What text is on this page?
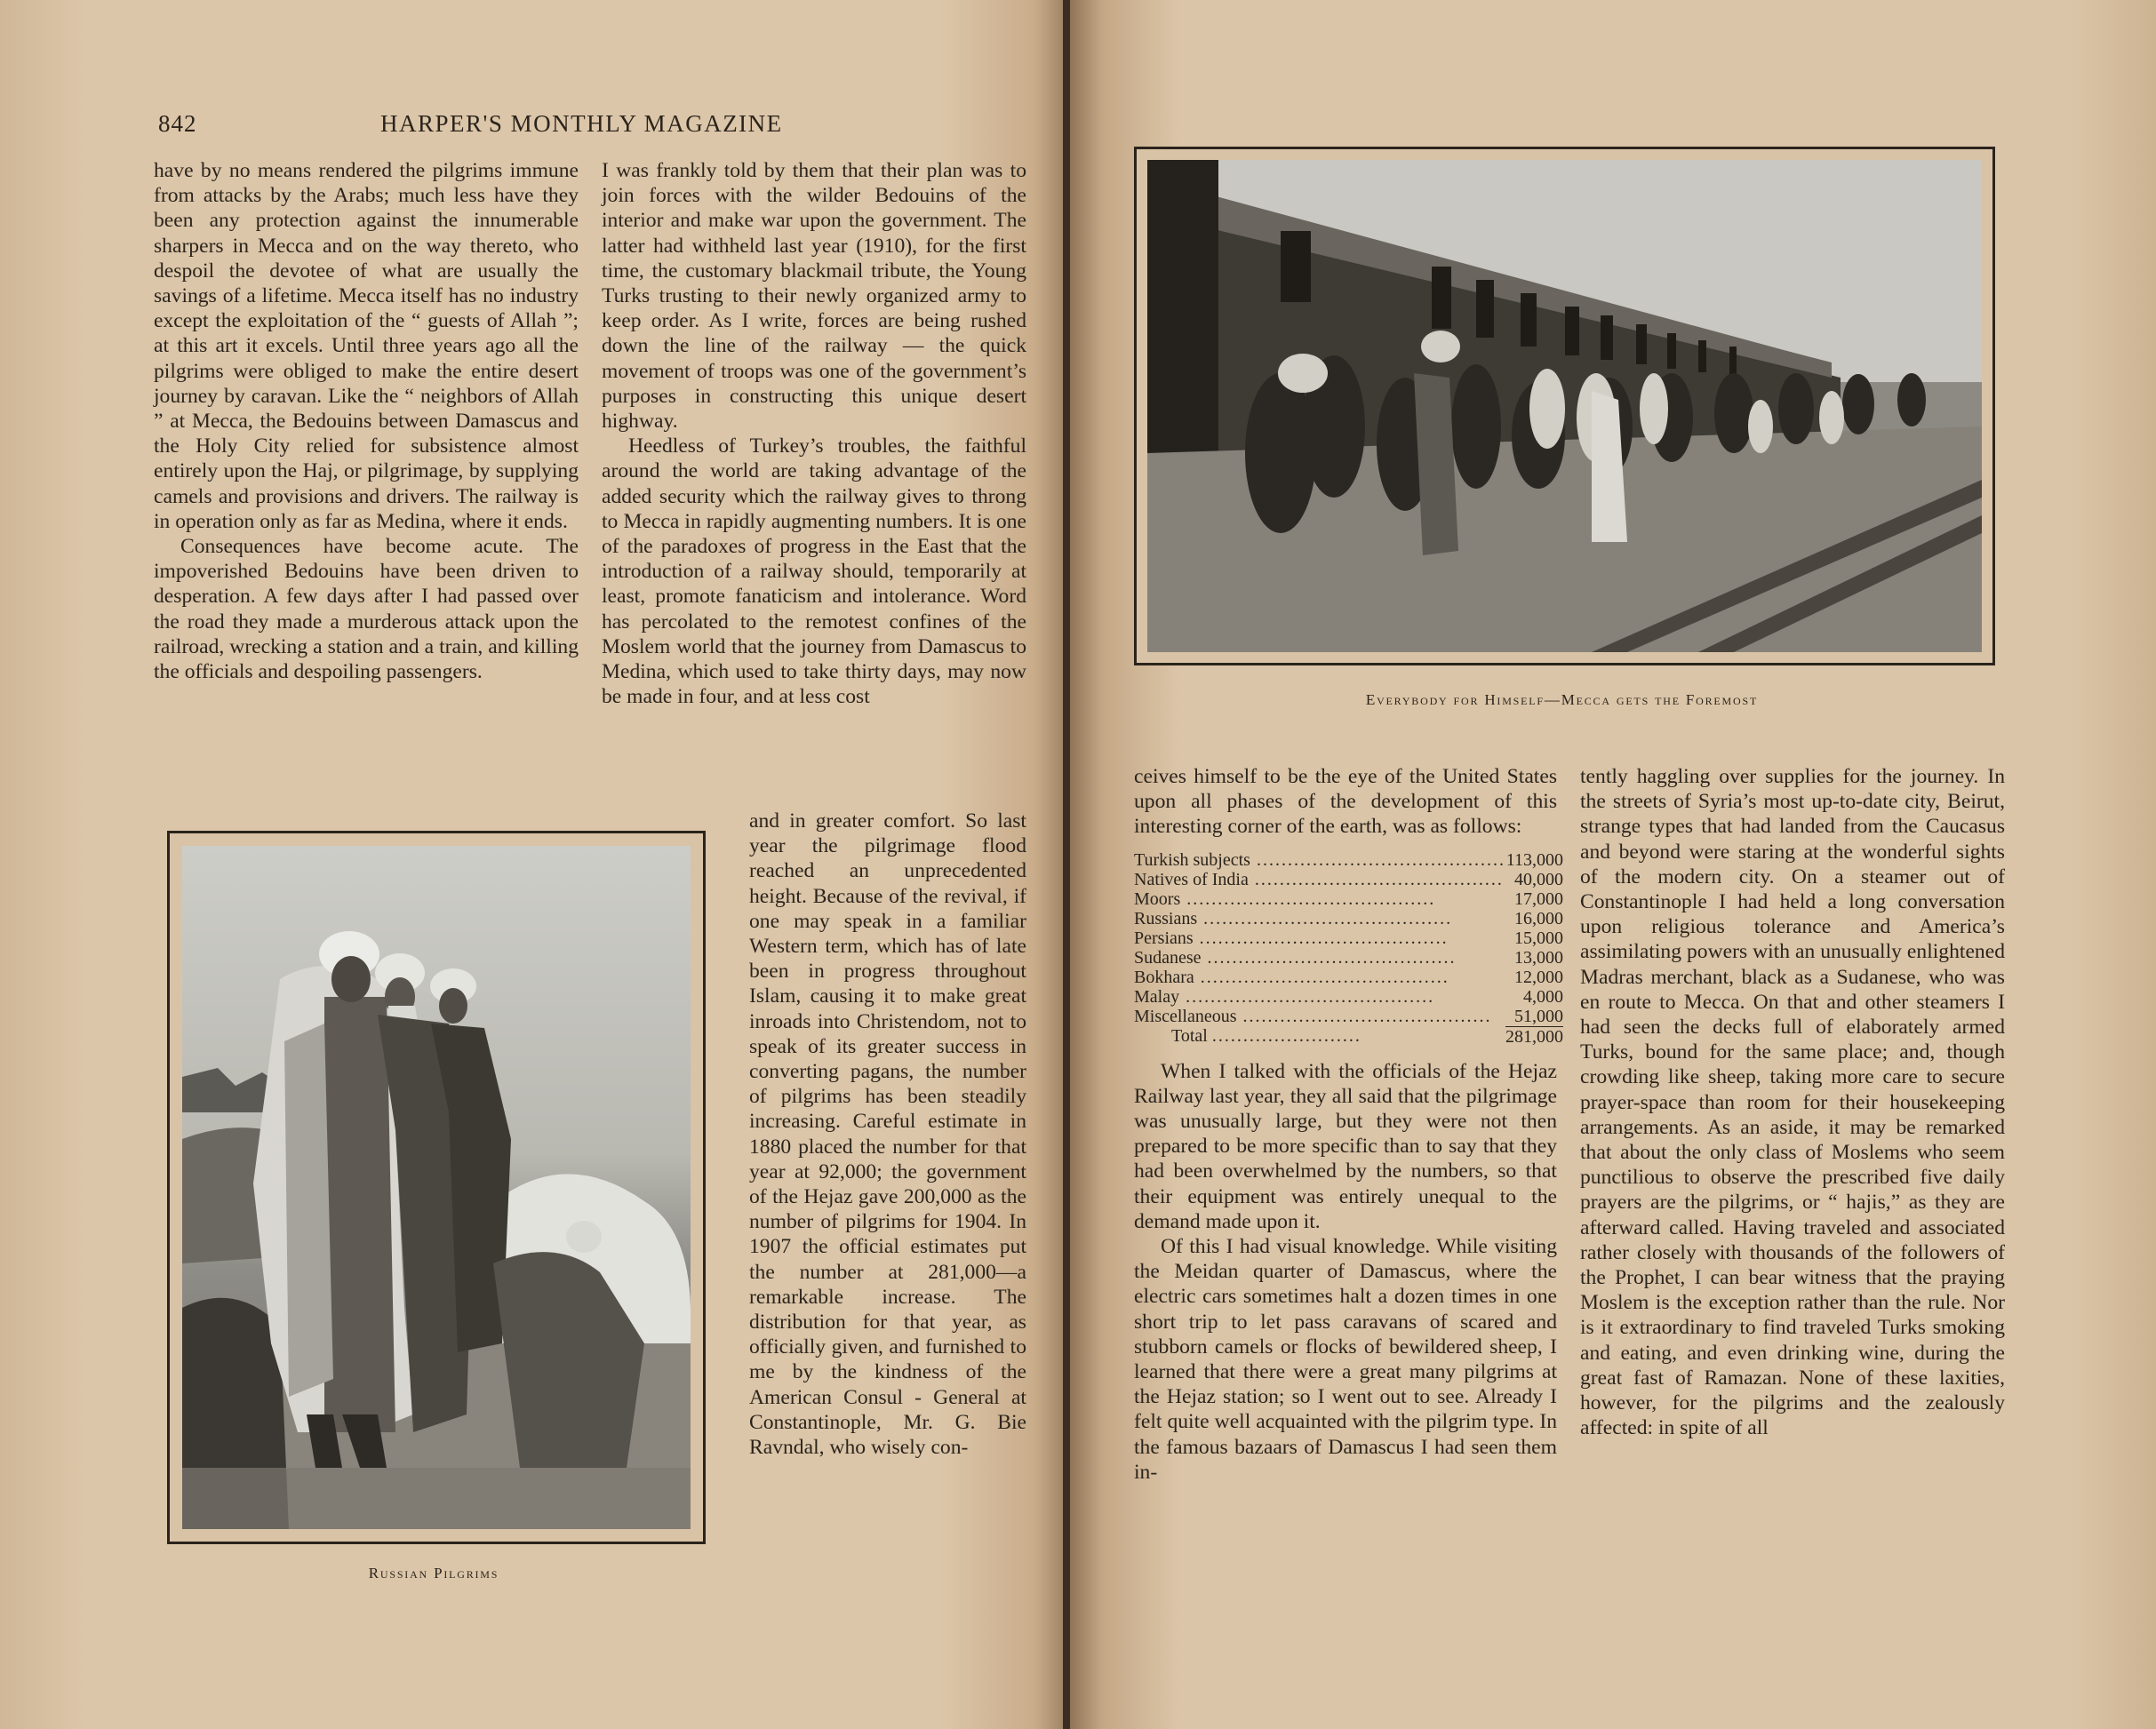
842	HARPER'S MONTHLY MAGAZINE

have by no means rendered the pilgrims immune from attacks by the Arabs; much less have they been any protection against the innumerable sharpers in Mecca and on the way thereto, who despoil the devotee of what are usually the savings of a lifetime. Mecca itself has no industry except the exploitation of the “ guests of Allah ”; at this art it excels. Until three years ago all the pilgrims were obliged to make the entire desert journey by caravan. Like the “ neighbors of Allah ” at Mecca, the Bedouins between Damascus and the Holy City relied for subsistence almost entirely upon the Haj, or pilgrimage, by supplying camels and provisions and drivers. The railway is in operation only as far as Medina, where it ends.

Consequences have become acute. The impoverished Bedouins have been driven to desperation. A few days after I had passed over the road they made a murderous attack upon the railroad, wrecking a station and a train, and killing the officials and despoiling passengers.

I was frankly told by them that their plan was to join forces with the wilder Bedouins of the interior and make war upon the government. The latter had withheld last year (1910), for the first time, the customary blackmail tribute, the Young Turks trusting to their newly organized army to keep order. As I write, forces are being rushed down the line of the railway — the quick movement of troops was one of the government’s purposes in constructing this unique desert highway.

Heedless of Turkey’s troubles, the faithful around the world are taking advantage of the added security which the railway gives to throng to Mecca in rapidly augmenting numbers. It is one of the paradoxes of progress in the East that the introduction of a railway should, temporarily at least, promote fanaticism and intolerance. Word has percolated to the remotest confines of the Moslem world that the journey from Damascus to Medina, which used to take thirty days, may now be made in four, and at less cost

and in greater comfort. So last year the pilgrimage flood reached an unprecedented height. Because of the revival, if one may speak in a familiar Western term, which has of late been in progress throughout Islam, causing it to make great inroads into Christendom, not to speak of its greater success in converting pagans, the number of pilgrims has been steadily increasing. Careful estimate in 1880 placed the number for that year at 92,000; the government of the Hejaz gave 200,000 as the number of pilgrims for 1904. In 1907 the official estimates put the number at 281,000—a remarkable increase. The distribution for that year, as officially given, and furnished to me by the kindness of the American Consul - General at Constantinople, Mr. G. Bie Ravndal, who wisely con-

Russian Pilgrims
Everybody for Himself—Mecca gets the Foremost

ceives himself to be the eye of the United States upon all phases of the development of this interesting corner of the earth, was as follows:

Turkish subjects ........................................	113,000
Natives of India ........................................	40,000
Moors ........................................	17,000
Russians ........................................	16,000
Persians ........................................	15,000
Sudanese ........................................	13,000
Bokhara ........................................	12,000
Malay ........................................	4,000
Miscellaneous ........................................	51,000
Total ........................	281,000

When I talked with the officials of the Hejaz Railway last year, they all said that the pilgrimage was unusually large, but they were not then prepared to be more specific than to say that they had been overwhelmed by the numbers, so that their equipment was entirely unequal to the demand made upon it.

Of this I had visual knowledge. While visiting the Meidan quarter of Damascus, where the electric cars sometimes halt a dozen times in one short trip to let pass caravans of scared and stubborn camels or flocks of bewildered sheep, I learned that there were a great many pilgrims at the Hejaz station; so I went out to see. Already I felt quite well acquainted with the pilgrim type. In the famous bazaars of Damascus I had seen them in-

tently haggling over supplies for the journey. In the streets of Syria’s most up-to-date city, Beirut, strange types that had landed from the Caucasus and beyond were staring at the wonderful sights of the modern city. On a steamer out of Constantinople I had held a long conversation upon religious tolerance and America’s assimilating powers with an unusually enlightened Madras merchant, black as a Sudanese, who was en route to Mecca. On that and other steamers I had seen the decks full of elaborately armed Turks, bound for the same place; and, though crowding like sheep, taking more care to secure prayer-space than room for their housekeeping arrangements. As an aside, it may be remarked that about the only class of Moslems who seem punctilious to observe the prescribed five daily prayers are the pilgrims, or “ hajis,” as they are afterward called. Having traveled and associated rather closely with thousands of the followers of the Prophet, I can bear witness that the praying Moslem is the exception rather than the rule. Nor is it extraordinary to find traveled Turks smoking and eating, and even drinking wine, during the great fast of Ramazan. None of these laxities, however, for the pilgrims and the zealously affected: in spite of all
